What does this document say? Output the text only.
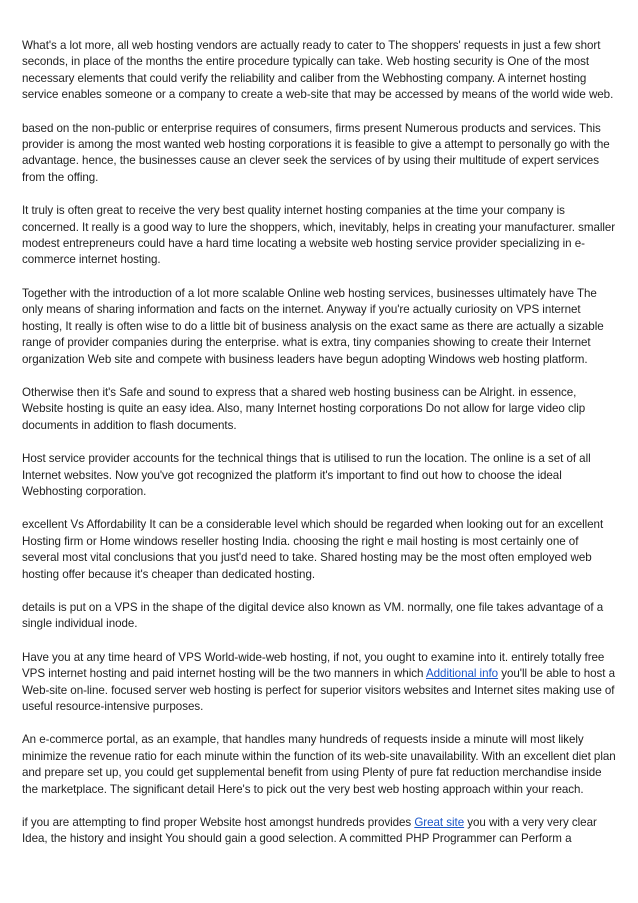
What's a lot more, all web hosting vendors are actually ready to cater to The shoppers' requests in just a few short seconds, in place of the months the entire procedure typically can take. Web hosting security is One of the most necessary elements that could verify the reliability and caliber from the Webhosting company. A internet hosting service enables someone or a company to create a web-site that may be accessed by means of the world wide web.

based on the non-public or enterprise requires of consumers, firms present Numerous products and services. This provider is among the most wanted web hosting corporations it is feasible to give a attempt to personally go with the advantage. hence, the businesses cause an clever seek the services of by using their multitude of expert services from the offing.

It truly is often great to receive the very best quality internet hosting companies at the time your company is concerned. It really is a good way to lure the shoppers, which, inevitably, helps in creating your manufacturer. smaller modest entrepreneurs could have a hard time locating a website web hosting service provider specializing in e-commerce internet hosting.

Together with the introduction of a lot more scalable Online web hosting services, businesses ultimately have The only means of sharing information and facts on the internet. Anyway if you're actually curiosity on VPS internet hosting, It really is often wise to do a little bit of business analysis on the exact same as there are actually a sizable range of provider companies during the enterprise. what is extra, tiny companies showing to create their Internet organization Web site and compete with business leaders have begun adopting Windows web hosting platform.

Otherwise then it's Safe and sound to express that a shared web hosting business can be Alright. in essence, Website hosting is quite an easy idea. Also, many Internet hosting corporations Do not allow for large video clip documents in addition to flash documents.

Host service provider accounts for the technical things that is utilised to run the location. The online is a set of all Internet websites. Now you've got recognized the platform it's important to find out how to choose the ideal Webhosting corporation.

excellent Vs Affordability It can be a considerable level which should be regarded when looking out for an excellent Hosting firm or Home windows reseller hosting India. choosing the right e mail hosting is most certainly one of several most vital conclusions that you just'd need to take. Shared hosting may be the most often employed web hosting offer because it's cheaper than dedicated hosting.

details is put on a VPS in the shape of the digital device also known as VM. normally, one file takes advantage of a single individual inode.

Have you at any time heard of VPS World-wide-web hosting, if not, you ought to examine into it. entirely totally free VPS internet hosting and paid internet hosting will be the two manners in which Additional info you'll be able to host a Web-site on-line. focused server web hosting is perfect for superior visitors websites and Internet sites making use of useful resource-intensive purposes.

An e-commerce portal, as an example, that handles many hundreds of requests inside a minute will most likely minimize the revenue ratio for each minute within the function of its web-site unavailability. With an excellent diet plan and prepare set up, you could get supplemental benefit from using Plenty of pure fat reduction merchandise inside the marketplace. The significant detail Here's to pick out the very best web hosting approach within your reach.

if you are attempting to find proper Website host amongst hundreds provides Great site you with a very very clear Idea, the history and insight You should gain a good selection. A committed PHP Programmer can Perform a
